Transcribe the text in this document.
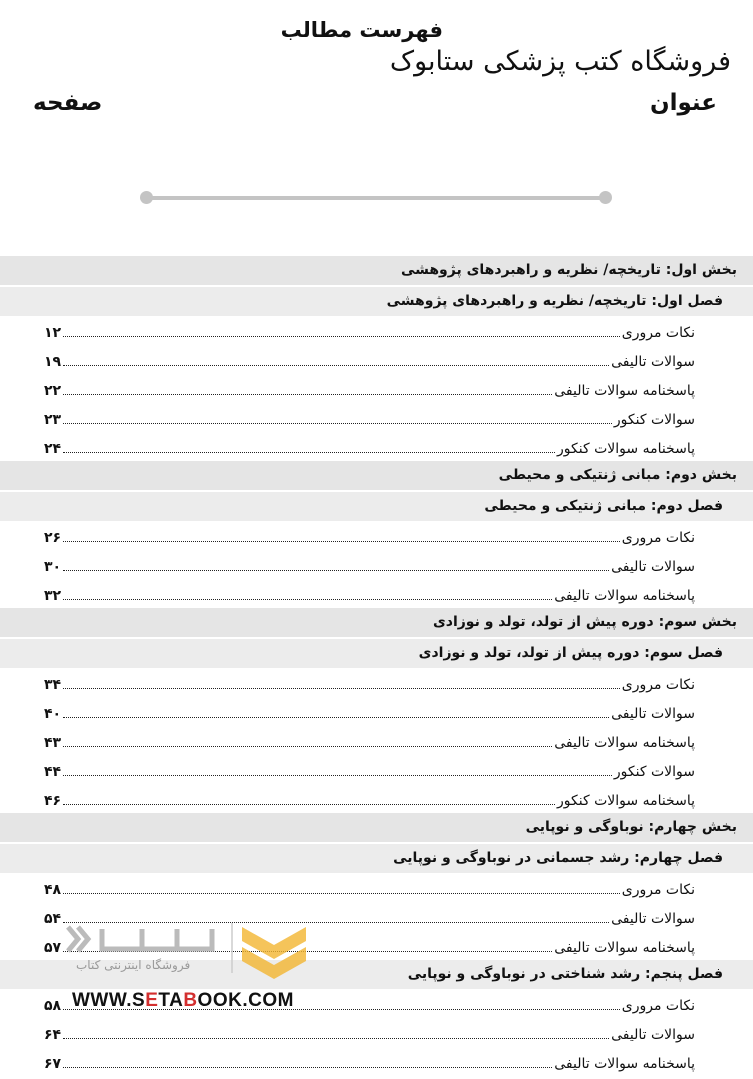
فهرست مطالب
فروشگاه کتب پزشکی ستابوک
عنوان
صفحه
بخش اول: تاریخچه/ نظریه و راهبردهای پژوهشی
فصل اول: تاریخچه/ نظریه و راهبردهای پژوهشی
نکات مروری
۱۲
سوالات تالیفی
۱۹
پاسخنامه سوالات تالیفی
۲۲
سوالات کنکور
۲۳
پاسخنامه سوالات کنکور
۲۴
بخش دوم: مبانی ژنتیکی و محیطی
فصل دوم: مبانی ژنتیکی و محیطی
نکات مروری
۲۶
سوالات تالیفی
۳۰
پاسخنامه سوالات تالیفی
۳۲
بخش سوم: دوره پیش از تولد، تولد و نوزادی
فصل سوم: دوره پیش از تولد، تولد و نوزادی
نکات مروری
۳۴
سوالات تالیفی
۴۰
پاسخنامه سوالات تالیفی
۴۳
سوالات کنکور
۴۴
پاسخنامه سوالات کنکور
۴۶
بخش چهارم: نوباوگی و نوپایی
فصل چهارم: رشد جسمانی در نوباوگی و نوپایی
نکات مروری
۴۸
سوالات تالیفی
۵۴
پاسخنامه سوالات تالیفی
۵۷
فصل پنجم: رشد شناختی در نوباوگی و نوپایی
نکات مروری
۵۸
سوالات تالیفی
۶۴
پاسخنامه سوالات تالیفی
۶۷
فروشگاه اینترنتی کتاب
WWW.SETABOOK.COM
